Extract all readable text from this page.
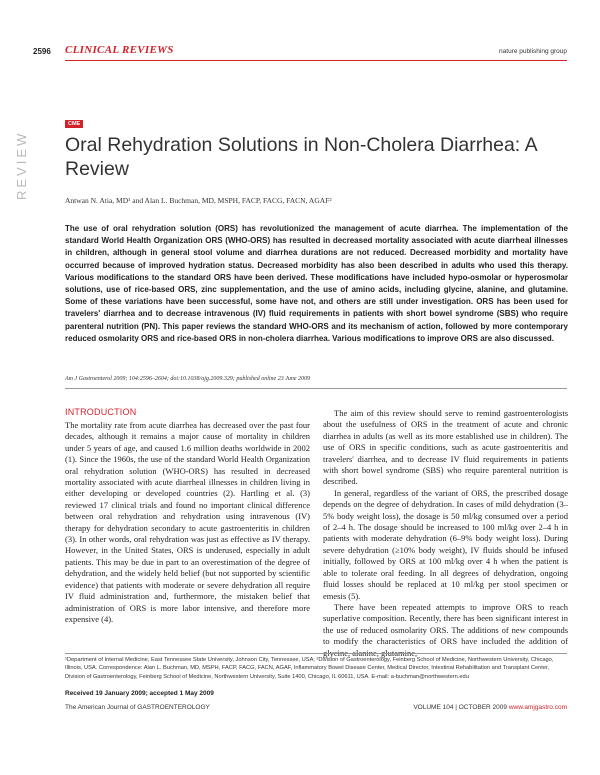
2596 CLINICAL REVIEWS	nature publishing group
REVIEW
CME
Oral Rehydration Solutions in Non-Cholera Diarrhea: A Review
Antwan N. Atia, MD¹ and Alan L. Buchman, MD, MSPH, FACP, FACG, FACN, AGAF²
The use of oral rehydration solution (ORS) has revolutionized the management of acute diarrhea. The implementation of the standard World Health Organization ORS (WHO-ORS) has resulted in decreased mortality associated with acute diarrheal illnesses in children, although in general stool volume and diarrhea durations are not reduced. Decreased morbidity and mortality have occurred because of improved hydration status. Decreased morbidity has also been described in adults who used this therapy. Various modifications to the standard ORS have been derived. These modifications have included hypo-osmolar or hyperosmolar solutions, use of rice-based ORS, zinc supplementation, and the use of amino acids, including glycine, alanine, and glutamine. Some of these variations have been successful, some have not, and others are still under investigation. ORS has been used for travelers' diarrhea and to decrease intravenous (IV) fluid requirements in patients with short bowel syndrome (SBS) who require parenteral nutrition (PN). This paper reviews the standard WHO-ORS and its mechanism of action, followed by more contemporary reduced osmolarity ORS and rice-based ORS in non-cholera diarrhea. Various modifications to improve ORS are also discussed.
Am J Gastroenterol 2009; 104:2596–2604; doi:10.1038/ajg.2009.329; published online 23 June 2009
INTRODUCTION

The mortality rate from acute diarrhea has decreased over the past four decades, although it remains a major cause of mortality in children under 5 years of age, and caused 1.6 million deaths worldwide in 2002 (1). Since the 1960s, the use of the standard World Health Organization oral rehydration solution (WHO-ORS) has resulted in decreased mortality associated with acute diarrheal illnesses in children living in either developing or developed countries (2). Hartling et al. (3) reviewed 17 clinical trials and found no important clinical difference between oral rehydration and rehydration using intravenous (IV) therapy for dehydration secondary to acute gastroenteritis in children (3). In other words, oral rehydration was just as effective as IV therapy. However, in the United States, ORS is underused, especially in adult patients. This may be due in part to an overestimation of the degree of dehydration, and the widely held belief (but not supported by scientific evidence) that patients with moderate or severe dehydration all require IV fluid administration and, furthermore, the mistaken belief that administration of ORS is more labor intensive, and therefore more expensive (4).

The aim of this review should serve to remind gastroenterologists about the usefulness of ORS in the treatment of acute and chronic diarrhea in adults (as well as its more established use in children). The use of ORS in specific conditions, such as acute gastroenteritis and travelers' diarrhea, and to decrease IV fluid requirements in patients with short bowel syndrome (SBS) who require parenteral nutrition is described.

In general, regardless of the variant of ORS, the prescribed dosage depends on the degree of dehydration. In cases of mild dehydration (3–5% body weight loss), the dosage is 50 ml/kg consumed over a period of 2–4 h. The dosage should be increased to 100 ml/kg over 2–4 h in patients with moderate dehydration (6–9% body weight loss). During severe dehydration (≥10% body weight), IV fluids should be infused initially, followed by ORS at 100 ml/kg over 4 h when the patient is able to tolerate oral feeding. In all degrees of dehydration, ongoing fluid losses should be replaced at 10 ml/kg per stool specimen or emesis (5).

There have been repeated attempts to improve ORS to reach superlative composition. Recently, there has been significant interest in the use of reduced osmolarity ORS. The additions of new compounds to modify the characteristics of ORS have included the addition of glycine, alanine, glutamine,

¹Department of Internal Medicine, East Tennessee State University, Johnson City, Tennessee, USA; ²Division of Gastroenterology, Feinberg School of Medicine, Northwestern University, Chicago, Illinois, USA. Correspondence: Alan L. Buchman, MD, MSPH, FACP, FACG, FACN, AGAF, Inflammatory Bowel Disease Center, Medical Director, Intestinal Rehabilitation and Transplant Center, Division of Gastroenterology, Feinberg School of Medicine, Northwestern University, Suite 1400, Chicago, IL 60611, USA. E-mail: a-buchman@northwestern.edu
Received 19 January 2009; accepted 1 May 2009
The American Journal of GASTROENTEROLOGY	VOLUME 104 | OCTOBER 2009 www.amjgastro.com
